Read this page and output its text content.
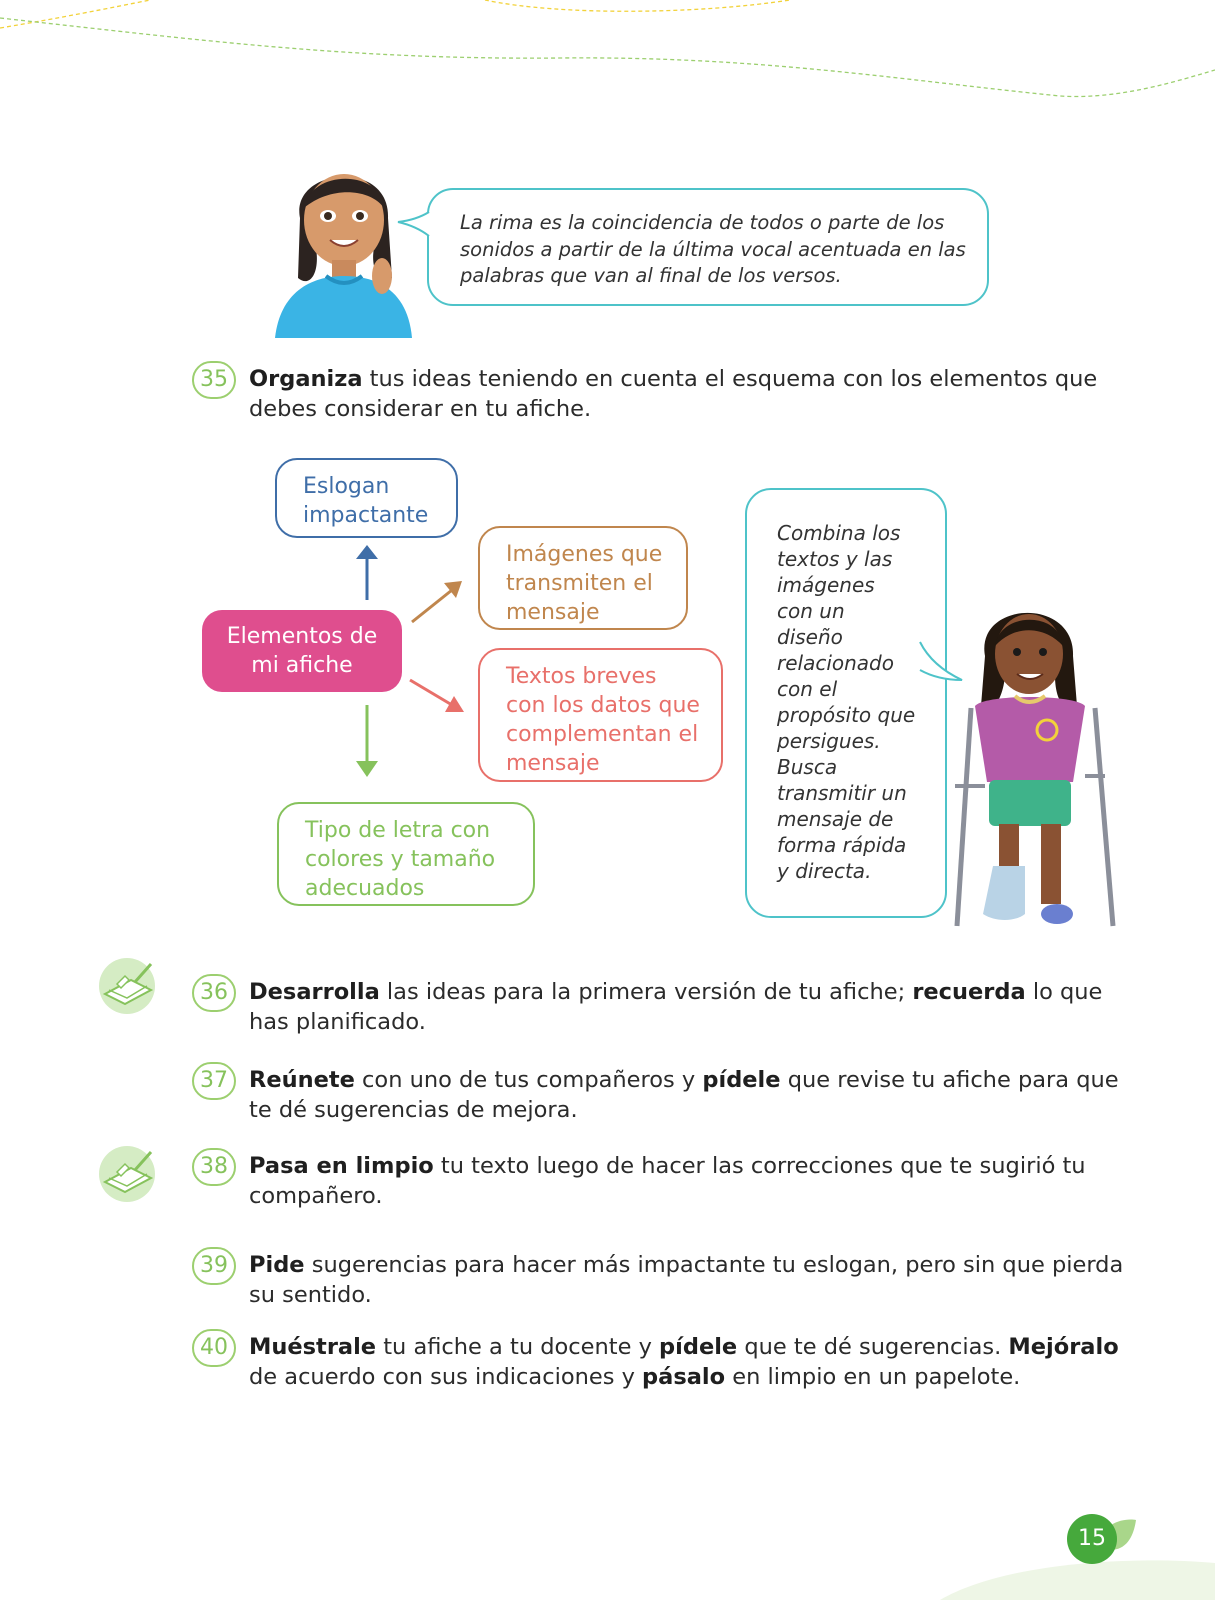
La rima es la coincidencia de todos o parte de los sonidos a partir de la última vocal acentuada en las palabras que van al final de los versos.

35 Organiza tus ideas teniendo en cuenta el esquema con los elementos que debes considerar en tu afiche.
Eslogan
impactante
Imágenes que
transmiten el
mensaje
Textos breves
con los datos que
complementan el
mensaje
Tipo de letra con
colores y tamaño
adecuados
Elementos de
mi afiche

Combina los
textos y las
imágenes
con un
diseño
relacionado
con el
propósito que
persigues.
Busca
transmitir un
mensaje de
forma rápida
y directa.

36 Desarrolla las ideas para la primera versión de tu afiche; recuerda lo que has planificado.
37 Reúnete con uno de tus compañeros y pídele que revise tu afiche para que te dé sugerencias de mejora.
38 Pasa en limpio tu texto luego de hacer las correcciones que te sugirió tu compañero.
39 Pide sugerencias para hacer más impactante tu eslogan, pero sin que pierda su sentido.
40 Muéstrale tu afiche a tu docente y pídele que te dé sugerencias. Mejóralo de acuerdo con sus indicaciones y pásalo en limpio en un papelote.
15
